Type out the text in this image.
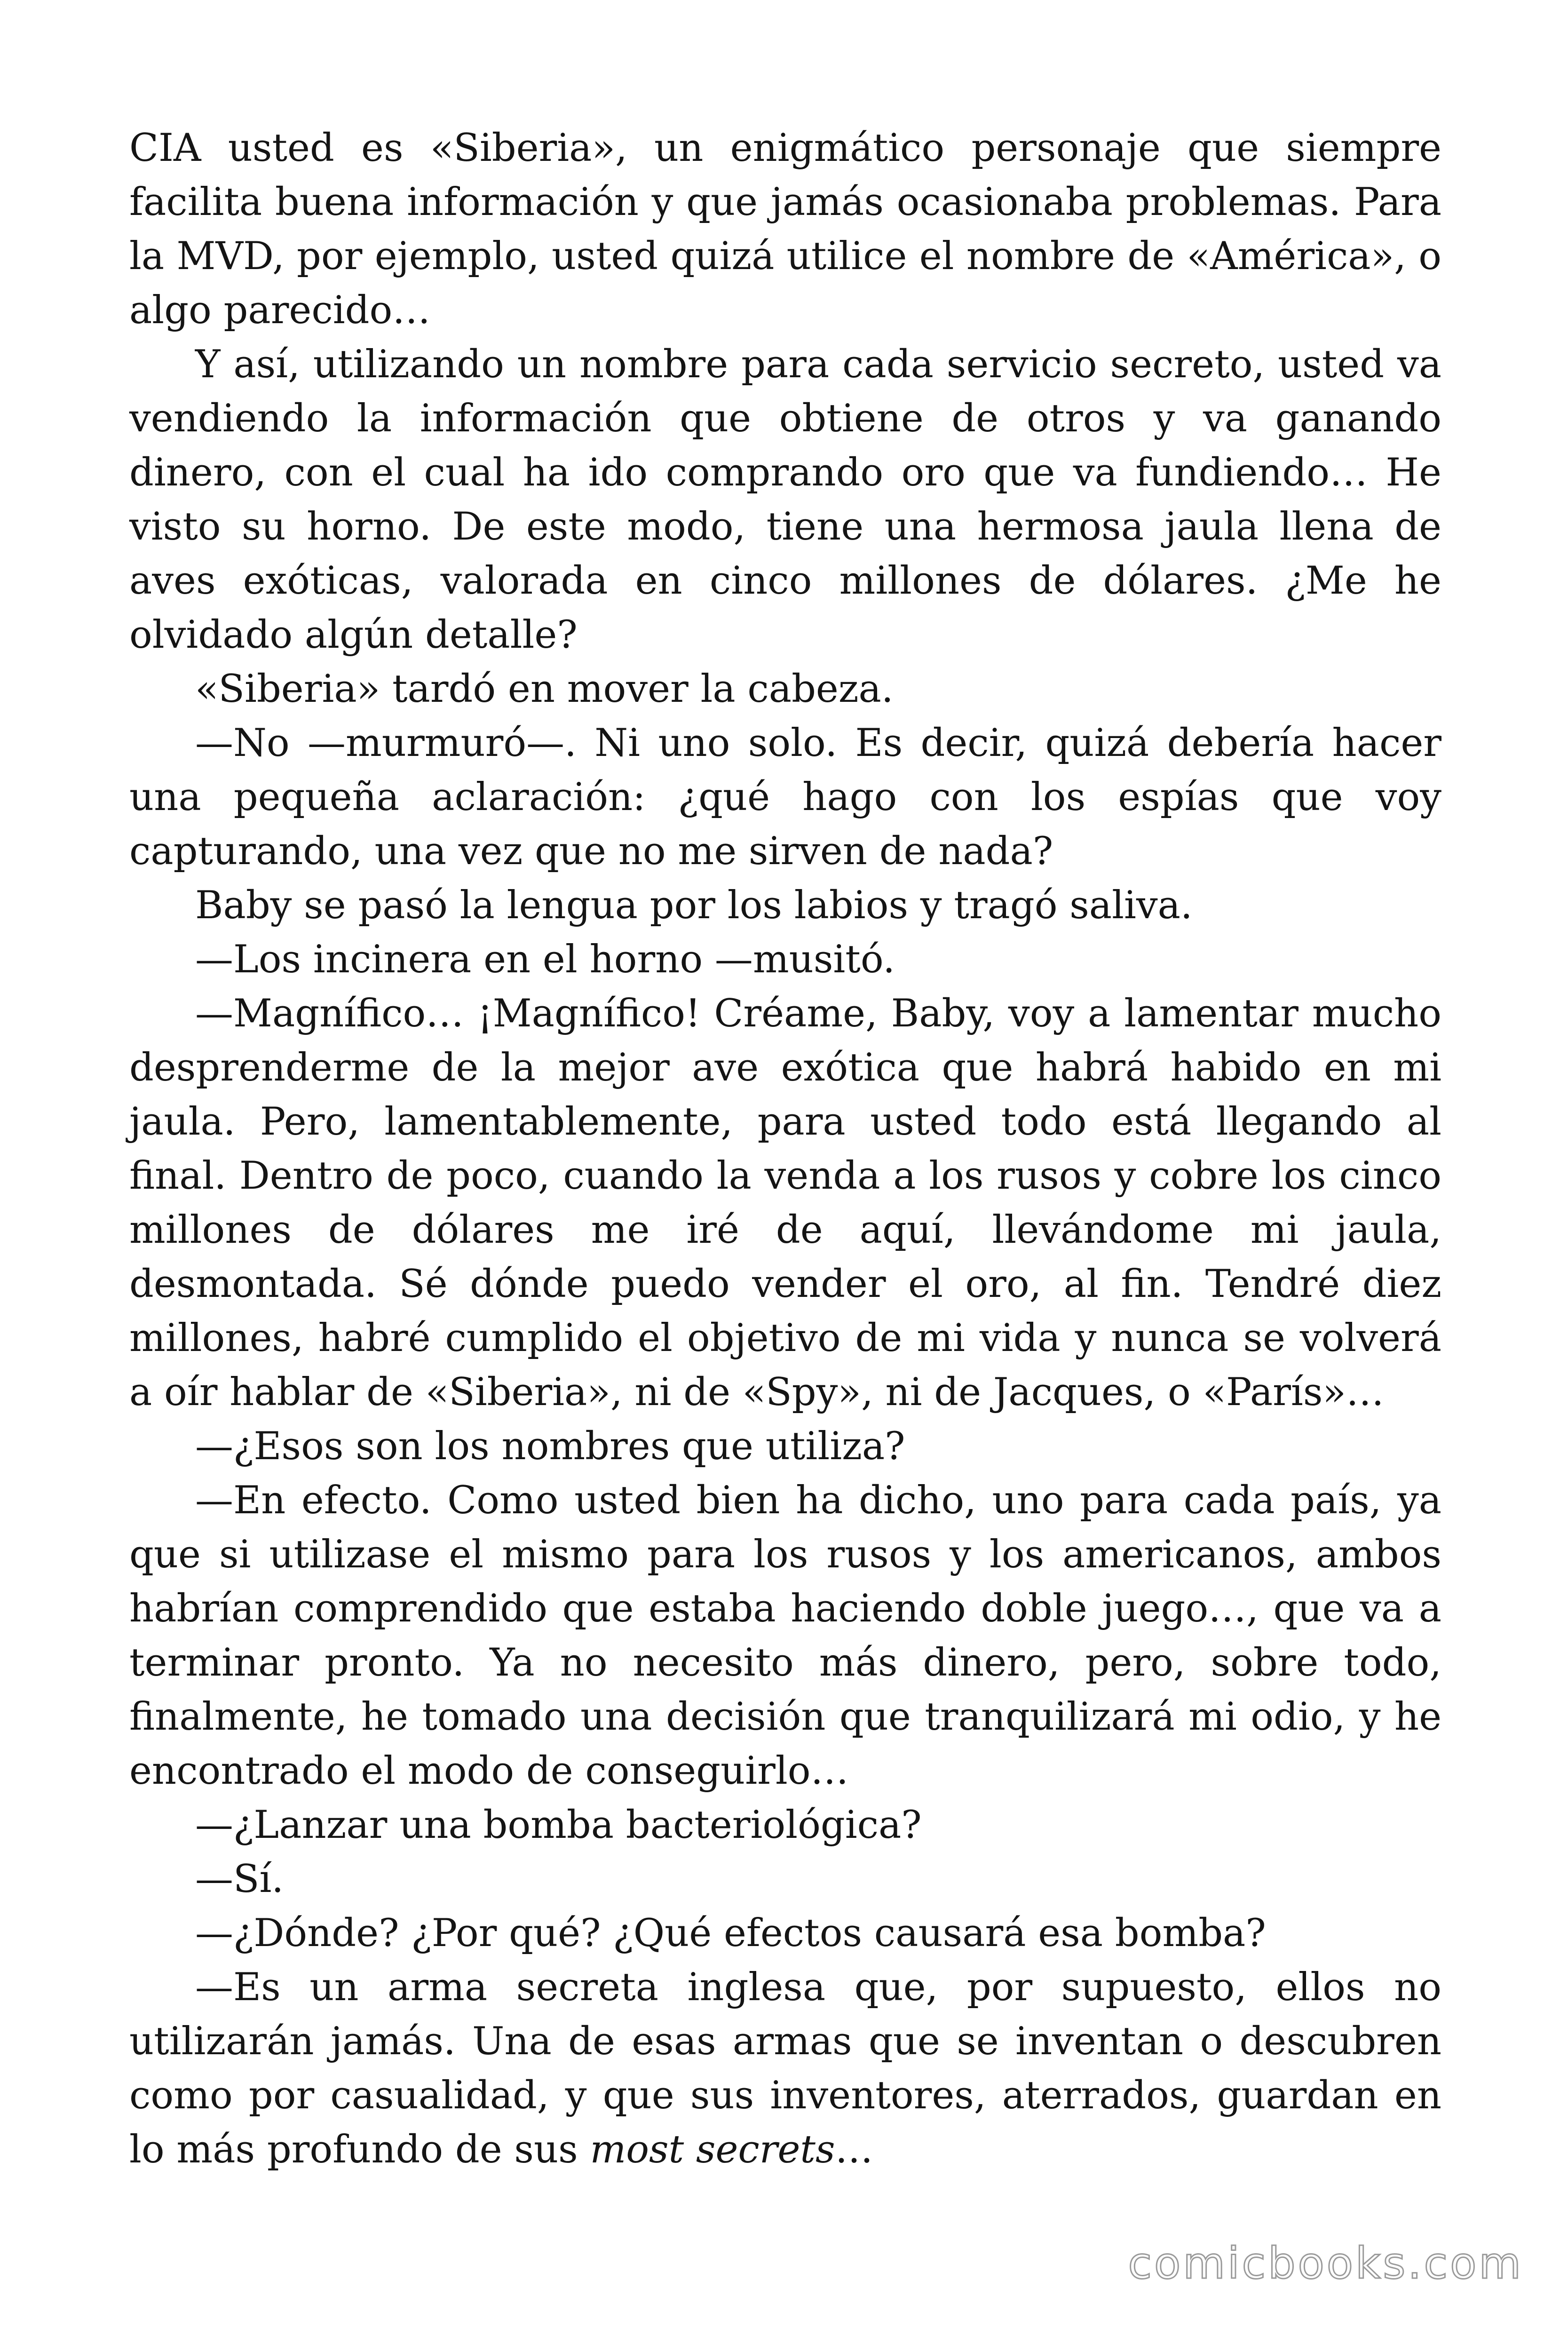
CIA usted es «Siberia», un enigmático personaje que siempre facilita buena información y que jamás ocasionaba problemas. Para la MVD, por ejemplo, usted quizá utilice el nombre de «América», o algo parecido…

Y así, utilizando un nombre para cada servicio secreto, usted va vendiendo la información que obtiene de otros y va ganando dinero, con el cual ha ido comprando oro que va fundiendo… He visto su horno. De este modo, tiene una hermosa jaula llena de aves exóticas, valorada en cinco millones de dólares. ¿Me he olvidado algún detalle?

«Siberia» tardó en mover la cabeza.

—No —murmuró—. Ni uno solo. Es decir, quizá debería hacer una pequeña aclaración: ¿qué hago con los espías que voy capturando, una vez que no me sirven de nada?

Baby se pasó la lengua por los labios y tragó saliva.

—Los incinera en el horno —musitó.

—Magnífico… ¡Magnífico! Créame, Baby, voy a lamentar mucho desprenderme de la mejor ave exótica que habrá habido en mi jaula. Pero, lamentablemente, para usted todo está llegando al final. Dentro de poco, cuando la venda a los rusos y cobre los cinco millones de dólares me iré de aquí, llevándome mi jaula, desmontada. Sé dónde puedo vender el oro, al fin. Tendré diez millones, habré cumplido el objetivo de mi vida y nunca se volverá a oír hablar de «Siberia», ni de «Spy», ni de Jacques, o «París»…

—¿Esos son los nombres que utiliza?

—En efecto. Como usted bien ha dicho, uno para cada país, ya que si utilizase el mismo para los rusos y los americanos, ambos habrían comprendido que estaba haciendo doble juego…, que va a terminar pronto. Ya no necesito más dinero, pero, sobre todo, finalmente, he tomado una decisión que tranquilizará mi odio, y he encontrado el modo de conseguirlo…

—¿Lanzar una bomba bacteriológica?

—Sí.

—¿Dónde? ¿Por qué? ¿Qué efectos causará esa bomba?

—Es un arma secreta inglesa que, por supuesto, ellos no utilizarán jamás. Una de esas armas que se inventan o descubren como por casualidad, y que sus inventores, aterrados, guardan en lo más profundo de sus most secrets…

comicbooks.com
